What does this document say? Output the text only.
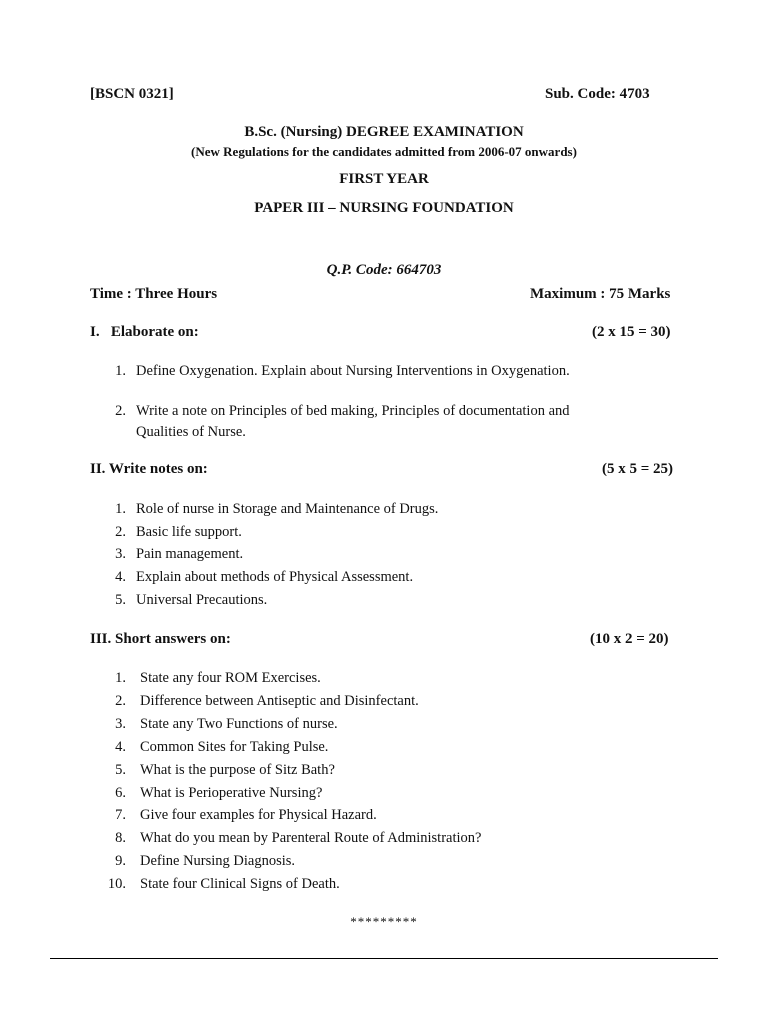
[BSCN 0321]	Sub. Code: 4703
B.Sc. (Nursing) DEGREE EXAMINATION
(New Regulations for the candidates admitted from 2006-07 onwards)
FIRST YEAR
PAPER III – NURSING FOUNDATION
Q.P. Code: 664703
Time : Three Hours	Maximum : 75 Marks
I.   Elaborate on:	(2 x 15 = 30)
1. Define Oxygenation. Explain about Nursing Interventions in Oxygenation.
2. Write a note on Principles of bed making, Principles of documentation and
Qualities of Nurse.
II. Write notes on:	(5 x 5 = 25)
1. Role of nurse in Storage and Maintenance of Drugs.
2. Basic life support.
3. Pain management.
4. Explain about methods of Physical Assessment.
5. Universal Precautions.
III. Short answers on:	(10 x 2 = 20)
1. State any four ROM Exercises.
2. Difference between Antiseptic and Disinfectant.
3. State any Two Functions of nurse.
4. Common Sites for Taking Pulse.
5. What is the purpose of Sitz Bath?
6. What is Perioperative Nursing?
7. Give four examples for Physical Hazard.
8. What do you mean by Parenteral Route of Administration?
9. Define Nursing Diagnosis.
10. State four Clinical Signs of Death.
*********
